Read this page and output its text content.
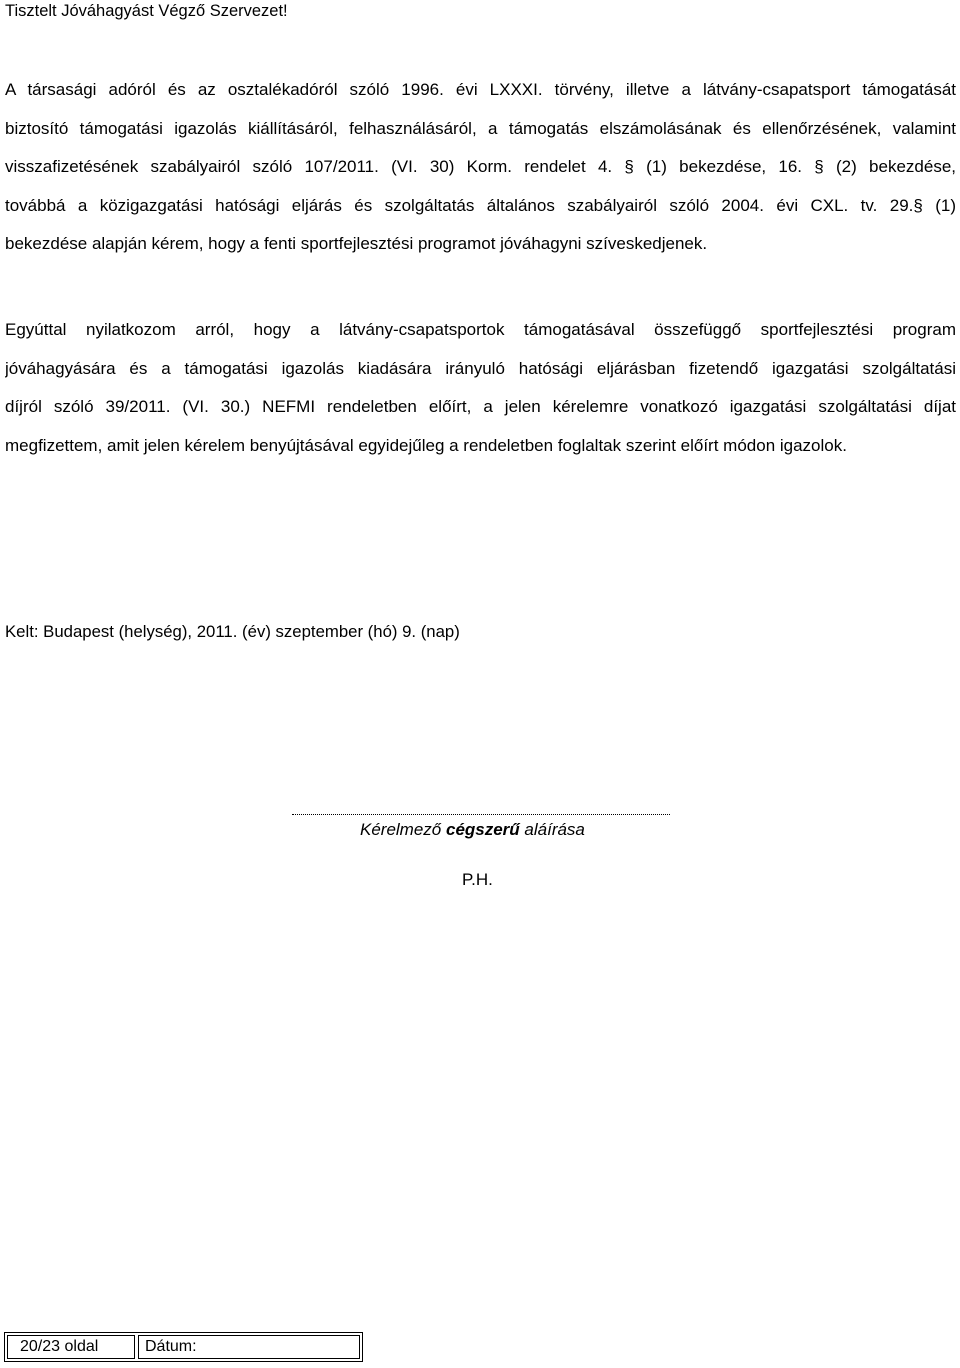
Tisztelt Jóváhagyást Végző Szervezet!
A társasági adóról és az osztalékadóról szóló 1996. évi LXXXI. törvény, illetve a látvány-csapatsport támogatását
biztosító támogatási igazolás kiállításáról, felhasználásáról, a támogatás elszámolásának és ellenőrzésének, valamint
visszafizetésének szabályairól szóló 107/2011. (VI. 30) Korm. rendelet 4. § (1) bekezdése, 16. § (2) bekezdése,
továbbá a közigazgatási hatósági eljárás és szolgáltatás általános szabályairól szóló 2004. évi CXL. tv. 29.§ (1)
bekezdése alapján kérem, hogy a fenti sportfejlesztési programot jóváhagyni szíveskedjenek.
Egyúttal nyilatkozom arról, hogy a látvány-csapatsportok támogatásával összefüggő sportfejlesztési program
jóváhagyására és a támogatási igazolás kiadására irányuló hatósági eljárásban fizetendő igazgatási szolgáltatási
díjról szóló 39/2011. (VI. 30.) NEFMI rendeletben előírt, a jelen kérelemre vonatkozó igazgatási szolgáltatási díjat
megfizettem, amit jelen kérelem benyújtásával egyidejűleg a rendeletben foglaltak szerint előírt módon igazolok.
Kelt: Budapest (helység), 2011. (év) szeptember (hó) 9. (nap)
Kérelmező cégszerű aláírása
P.H.
20/23 oldal	Dátum:
